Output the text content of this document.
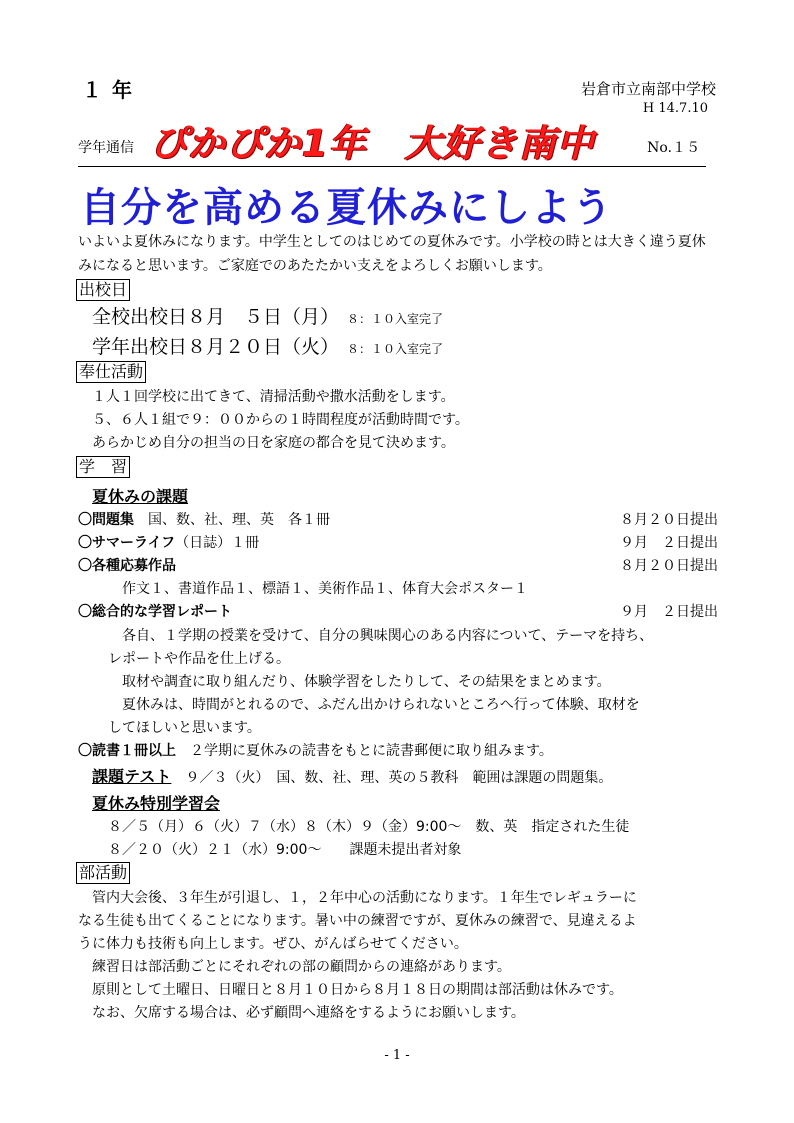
１年	岩倉市立南部中学校
H 14.7.10
学年通信 ぴかぴか1年　大好き南中	No.１５
自分を高める夏休みにしよう
いよいよ夏休みになります。中学生としてのはじめての夏休みです。小学校の時とは大きく違う夏休みになると思います。ご家庭でのあたたかい支えをよろしくお願いします。
出校日
全校出校日８月　５日（月） ８：１０入室完了
学年出校日８月２０日（火） ８：１０入室完了
奉仕活動
１人１回学校に出てきて、清掃活動や撒水活動をします。
５、６人１組で９：００からの１時間程度が活動時間です。
あらかじめ自分の担当の日を家庭の都合を見て決めます。
学　習
夏休みの課題
〇問題集　 国、数、社、理、英　各１冊	８月２０日提出
〇サマーライフ（日誌）１冊	９月　２日提出
〇各種応募作品	８月２０日提出
作文１、書道作品１、標語１、美術作品１、体育大会ポスター１
〇総合的な学習レポート	９月　２日提出
各自、１学期の授業を受けて、自分の興味関心のある内容について、テーマを持ち、
レポートや作品を仕上げる。
取材や調査に取り組んだり、体験学習をしたりして、その結果をまとめます。
夏休みは、時間がとれるので、ふだん出かけられないところへ行って体験、取材を
してほしいと思います。
〇読書１冊以上　 ２学期に夏休みの読書をもとに読書郵便に取り組みます。
課題テスト　 ９／３（火）　国、数、社、理、英の５教科　範囲は課題の問題集。
夏休み特別学習会
８／５（月）６（火）７（水）８（木）９（金）9:00～　数、英　指定された生徒
８／２０（火）２１（水）9:00～　　課題未提出者対象
部活動
管内大会後、３年生が引退し、１，２年中心の活動になります。１年生でレギュラーに
なる生徒も出てくることになります。暑い中の練習ですが、夏休みの練習で、見違えるよ
うに体力も技術も向上します。ぜひ、がんばらせてください。
練習日は部活動ごとにそれぞれの部の顧問からの連絡があります。
原則として土曜日、日曜日と８月１０日から８月１８日の期間は部活動は休みです。
なお、欠席する場合は、必ず顧問へ連絡をするようにお願いします。
- 1 -
